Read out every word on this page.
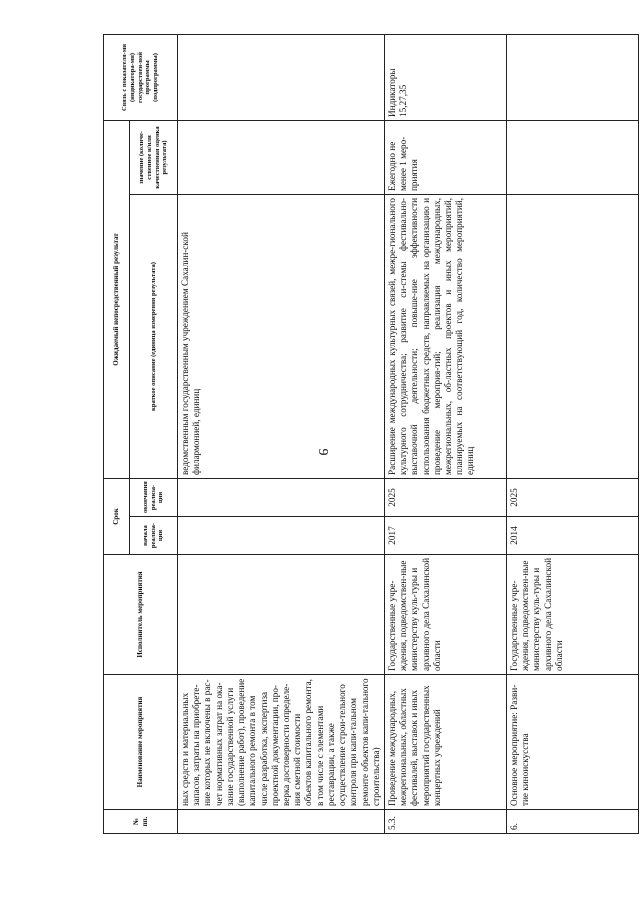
9
№ пп.	Наименование мероприятия	Исполнитель мероприятия	Срок		Ожидаемый непосредственный результат		Связь с показателя-ми (индикатора-ми) государствен-ной программы (подпрограммы)
			начала реализа-ции	окончания реализа-ции	краткое описание (единица измерения результата)	значение (количе-ственное и/или качественная оценка результата)	
	ных средств и материальных запасов, затраты на приобрете-ние которых не включены в рас-чет нормативных затрат на ока-зание государственной услуги (выполнение работ), проведение капитального ремонта в том числе разработка, экспертиза проектной документации, про-верка достоверности определе-ния сметной стоимости объектов капитального ремонта, в том числе с элементами реставрации, а также осуществление строи-тельного контроля при капи-тальном ремонте объектов капи-тального строительства)				ведомственным государственным учреждением Сахалин-ской филармонией, единиц		
5.3.	Проведение международных, межрегиональных, областных фестивалей, выставок и иных мероприятий государственных концертных учреждений	Государственные учре-ждения, подведомствен-ные министерству куль-туры и архивного дела Сахалинской области	2017	2025	Расширение международных культурных связей, межре-гионального культурного сотрудничества; развитие си-стемы фестивально-выставочной деятельности; повыше-ние эффективности использования бюджетных средств, направляемых на организацию и проведение мероприя-тий; реализация международных, межрегиональных, об-ластных проектов и иных мероприятий, планируемых на соответствующий год, количество мероприятий, единиц	Ежегодно не менее 1 меро-приятия	Индикаторы 15,27,35
6.	Основное мероприятие: Разви-тие киноискусства	Государственные учре-ждения, подведомствен-ные министерству куль-туры и архивного дела Сахалинской области	2014	2025			
